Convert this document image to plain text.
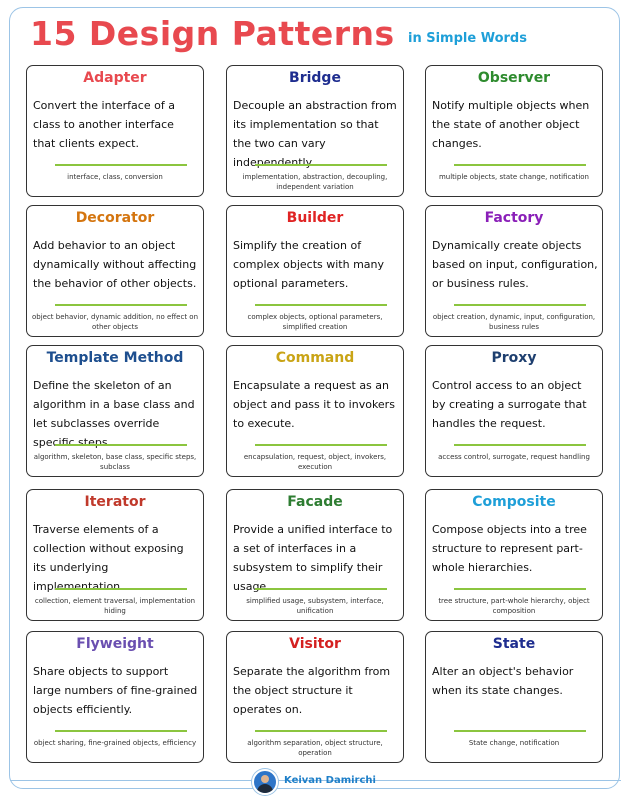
15 Design Patterns in Simple Words
Adapter
Convert the interface of a class to another interface that clients expect.
interface, class, conversion
Bridge
Decouple an abstraction from its implementation so that the two can vary independently.
implementation, abstraction, decoupling, independent variation
Observer
Notify multiple objects when the state of another object changes.
multiple objects, state change, notification
Decorator
Add behavior to an object dynamically without affecting the behavior of other objects.
object behavior, dynamic addition, no effect on other objects
Builder
Simplify the creation of complex objects with many optional parameters.
complex objects, optional parameters, simplified creation
Factory
Dynamically create objects based on input, configuration, or business rules.
object creation, dynamic, input, configuration, business rules
Template Method
Define the skeleton of an algorithm in a base class and let subclasses override specific steps.
algorithm, skeleton, base class, specific steps, subclass
Command
Encapsulate a request as an object and pass it to invokers to execute.
encapsulation, request, object, invokers, execution
Proxy
Control access to an object by creating a surrogate that handles the request.
access control, surrogate, request handling
Iterator
Traverse elements of a collection without exposing its underlying implementation.
collection, element traversal, implementation hiding
Facade
Provide a unified interface to a set of interfaces in a subsystem to simplify their usage.
simplified usage, subsystem, interface, unification
Composite
Compose objects into a tree structure to represent part-whole hierarchies.
tree structure, part-whole hierarchy, object composition
Flyweight
Share objects to support large numbers of fine-grained objects efficiently.
object sharing, fine-grained objects, efficiency
Visitor
Separate the algorithm from the object structure it operates on.
algorithm separation, object structure, operation
State
Alter an object's behavior when its state changes.
State change, notification
Keivan Damirchi
